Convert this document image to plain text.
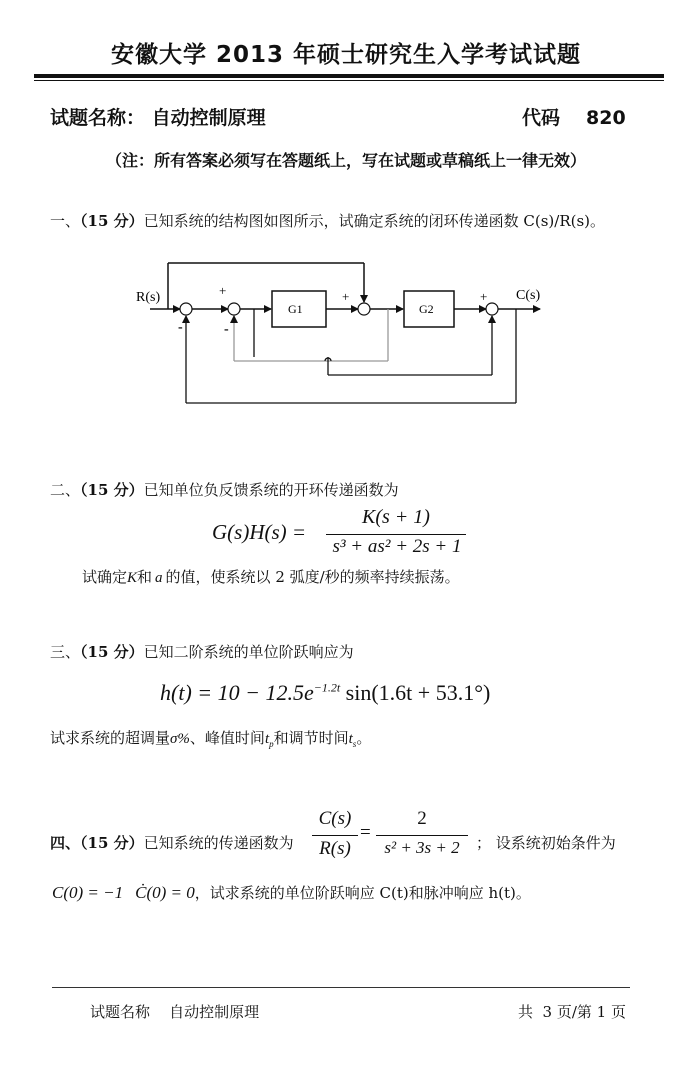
安徽大学 2013 年硕士研究生入学考试试题
试题名称： 自动控制原理	代码 820
（注：所有答案必须写在答题纸上，写在试题或草稿纸上一律无效）
一、（15 分）已知系统的结构图如图所示，试确定系统的闭环传递函数 C(s)/R(s)。
R(s)	C(s)
G1	G2
+	+	+
-	-
二、（15 分）已知单位负反馈系统的开环传递函数为
G(s)H(s) =
K(s + 1)
s³ + as² + 2s + 1
试确定K和 a 的值，使系统以 2 弧度/秒的频率持续振荡。
三、（15 分）已知二阶系统的单位阶跃响应为
$h(t) = 10 - 12.5e^{-1.2t}$ sin(1.6t + 53.1°)
试求系统的超调量σ%、峰值时间$t_p$和调节时间$t_s$。
四、（15 分）已知系统的传递函数为
C(s)
R(s)
=
2
s² + 3s + 2	； 设系统初始条件为
C(0) = −1 Ċ(0) = 0，试求系统的单位阶跃响应 C(t)和脉冲响应 h(t)。
试题名称    自动控制原理	共  3 页/第 1 页
